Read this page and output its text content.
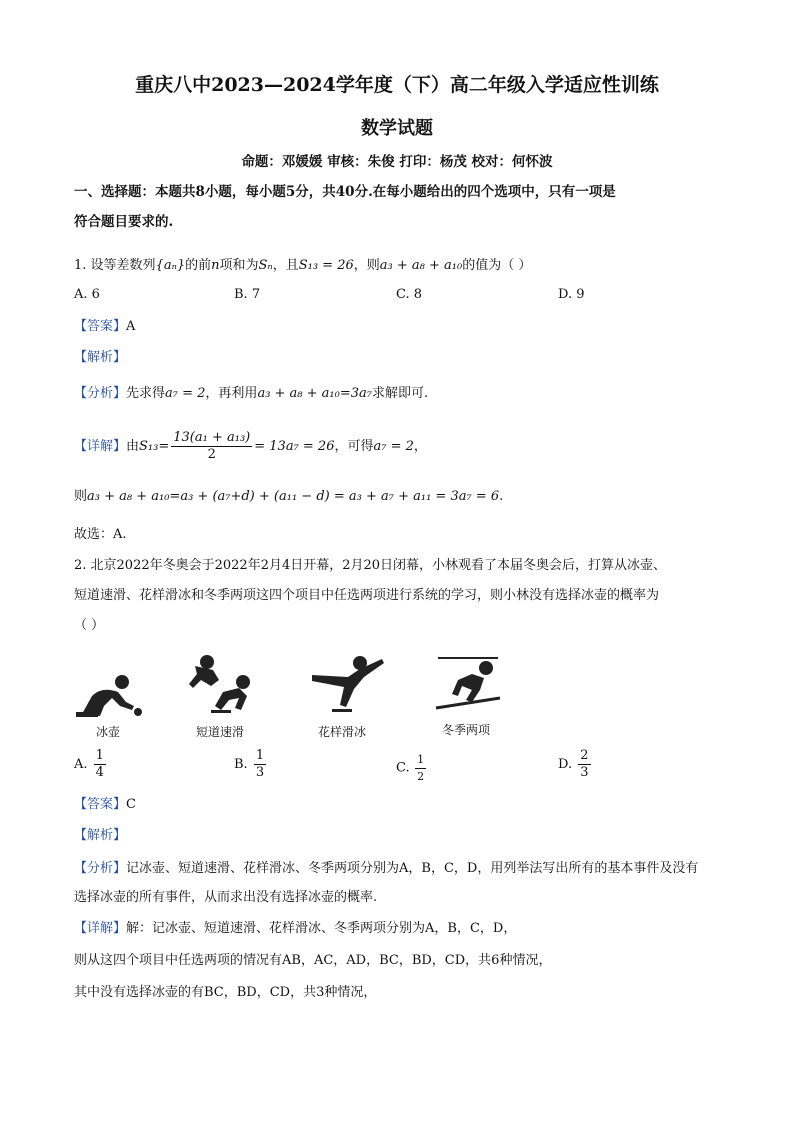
重庆八中2023—2024学年度（下）高二年级入学适应性训练
数学试题
命题：邓媛媛 审核：朱俊 打印：杨茂 校对：何怀波
一、选择题：本题共8小题，每小题5分，共40分.在每小题给出的四个选项中，只有一项是
符合题目要求的.
1. 设等差数列{aₙ}的前n项和为Sₙ，且S₁₃ = 26，则a₃ + a₈ + a₁₀的值为（ ）
A. 6	B. 7	C. 8	D. 9
【答案】A
【解析】
【分析】先求得a₇ = 2，再利用a₃ + a₈ + a₁₀=3a₇求解即可.
【详解】由$S_{13}= \frac{\text{13(a₁ + a₁₃)}}{2} = 13a_7 = 26$，可得a₇ = 2，
则a₃ + a₈ + a₁₀=a₃ + (a₇+d) + (a₁₁ − d) = a₃ + a₇ + a₁₁ = 3a₇ = 6.
故选：A.
2. 北京2022年冬奥会于2022年2月4日开幕，2月20日闭幕，小林观看了本届冬奥会后，打算从冰壶、
短道速滑、花样滑冰和冬季两项这四个项目中任选两项进行系统的学习，则小林没有选择冰壶的概率为
（ ）
冰壶	短道速滑	花样滑冰	冬季两项
A. $\frac{1}{4}$	B. $\frac{1}{3}$	C. $\frac{1}{2}$	D. $\frac{2}{3}$
【答案】C
【解析】
【分析】记冰壶、短道速滑、花样滑冰、冬季两项分别为A，B，C，D，用列举法写出所有的基本事件及没有
选择冰壶的所有事件，从而求出没有选择冰壶的概率.
【详解】解：记冰壶、短道速滑、花样滑冰、冬季两项分别为A，B，C，D，
则从这四个项目中任选两项的情况有AB，AC，AD，BC，BD，CD，共6种情况，
其中没有选择冰壶的有BC，BD，CD，共3种情况，
